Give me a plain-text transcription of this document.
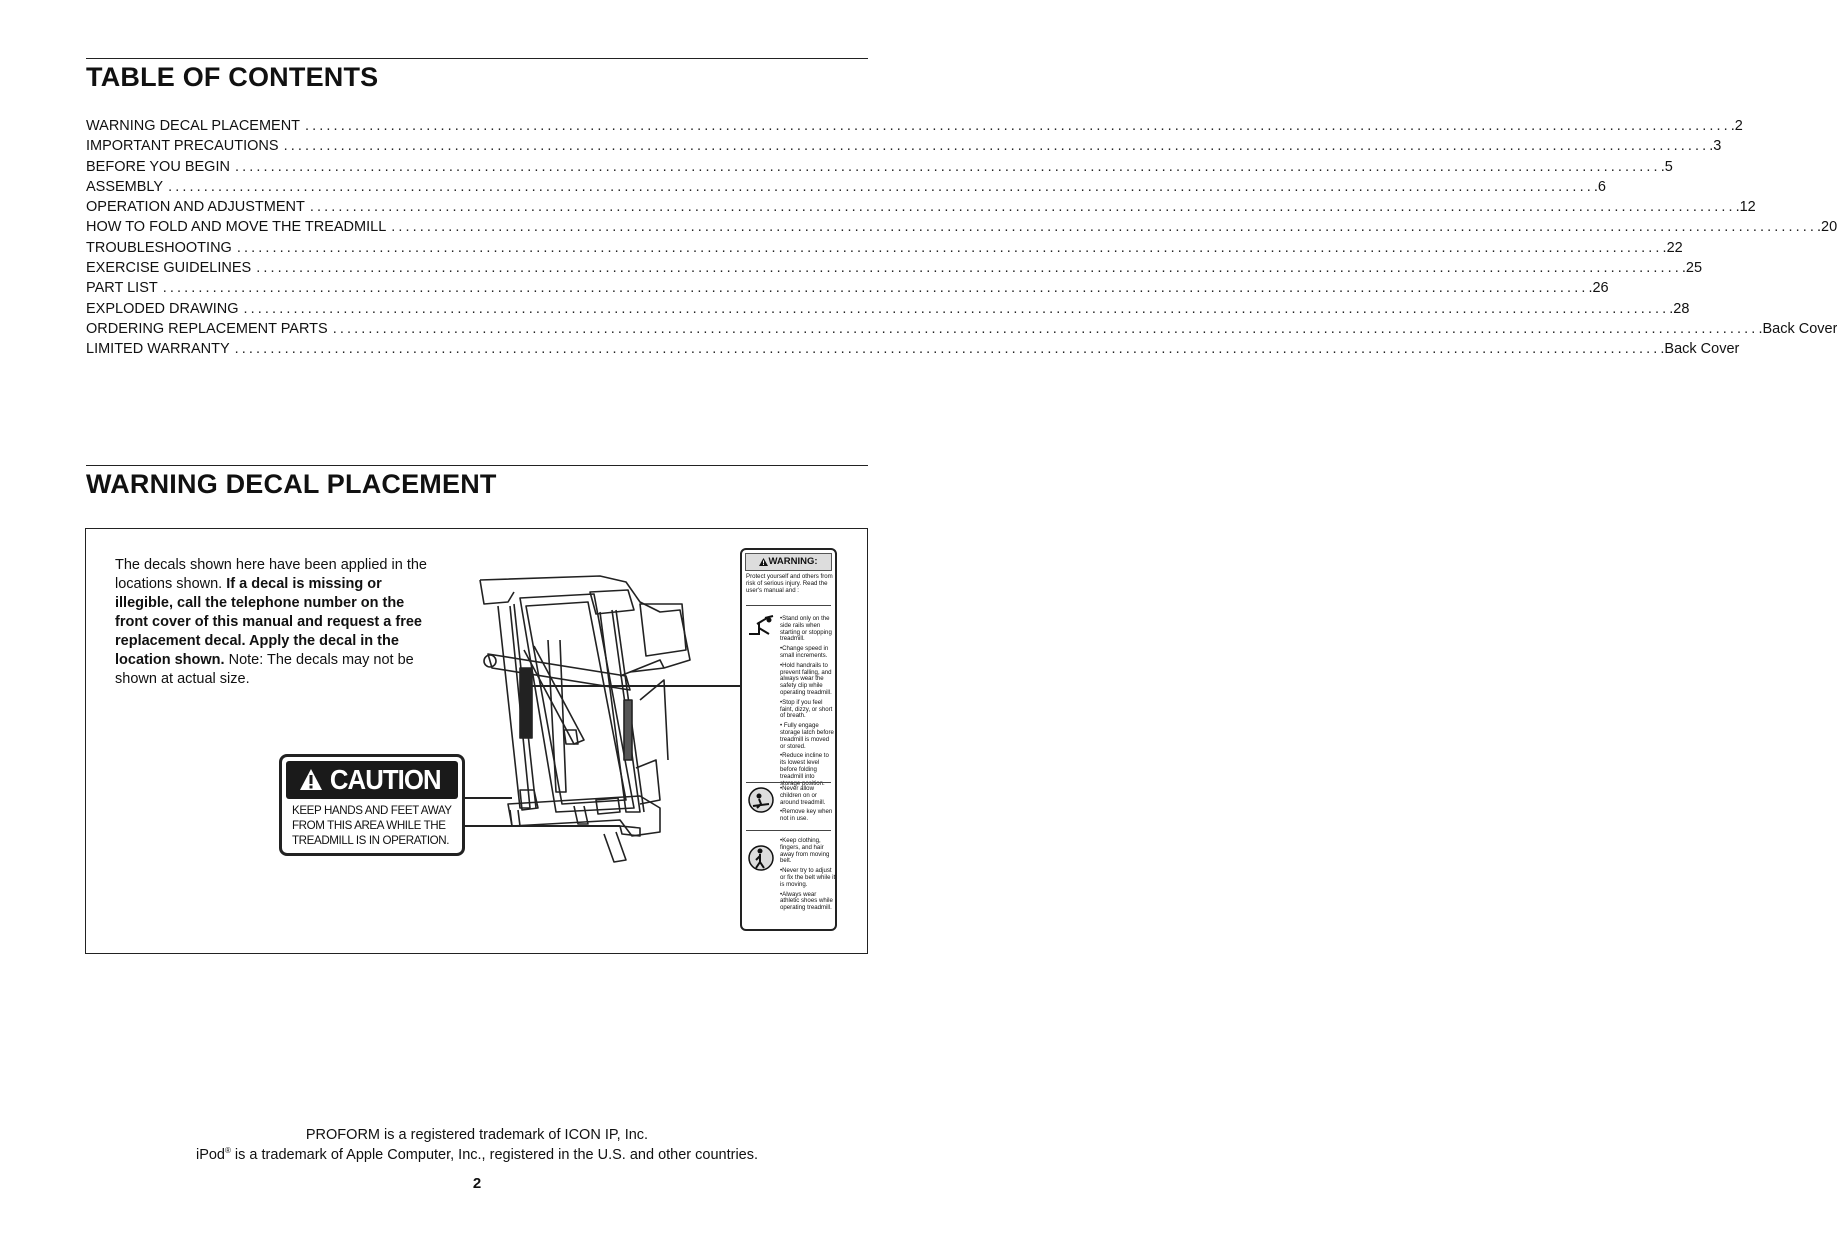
TABLE OF CONTENTS
WARNING DECAL PLACEMENT ........................................................................................................................................................................................................ .2
IMPORTANT PRECAUTIONS ........................................................................................................................................................................................................ .3
BEFORE YOU BEGIN ........................................................................................................................................................................................................ .5
ASSEMBLY ........................................................................................................................................................................................................ .6
OPERATION AND ADJUSTMENT ........................................................................................................................................................................................................ .12
HOW TO FOLD AND MOVE THE TREADMILL ........................................................................................................................................................................................................ .20
TROUBLESHOOTING ........................................................................................................................................................................................................ .22
EXERCISE GUIDELINES ........................................................................................................................................................................................................ .25
PART LIST ........................................................................................................................................................................................................ .26
EXPLODED DRAWING ........................................................................................................................................................................................................ .28
ORDERING REPLACEMENT PARTS ........................................................................................................................................................................................................ .Back Cover
LIMITED WARRANTY ........................................................................................................................................................................................................ .Back Cover
WARNING DECAL PLACEMENT
The decals shown here have been applied in the locations shown. If a decal is missing or illegible, call the telephone number on the front cover of this manual and request a free replacement decal. Apply the decal in the location shown. Note: The decals may not be shown at actual size.
CAUTION
KEEP HANDS AND FEET AWAY
FROM THIS AREA WHILE THE
TREADMILL IS IN OPERATION.
WARNING:
Protect yourself and others from risk of serious injury. Read the user's manual and :
•Stand only on the side rails when starting or stopping treadmill.
•Change speed in small increments.
•Hold handrails to prevent falling, and always wear the safety clip while operating treadmill.
•Stop if you feel faint, dizzy, or short of breath.
• Fully engage storage latch before treadmill is moved or stored.
•Reduce incline to its lowest level before folding treadmill into storage position.
•Never allow children on or around treadmill.
•Remove key when not in use.
•Keep clothing, fingers, and hair away from moving belt.
•Never try to adjust or fix the belt while it is moving.
•Always wear athletic shoes while operating treadmill.
PROFORM is a registered trademark of ICON IP, Inc.
iPod® is a trademark of Apple Computer, Inc., registered in the U.S. and other countries.
2
